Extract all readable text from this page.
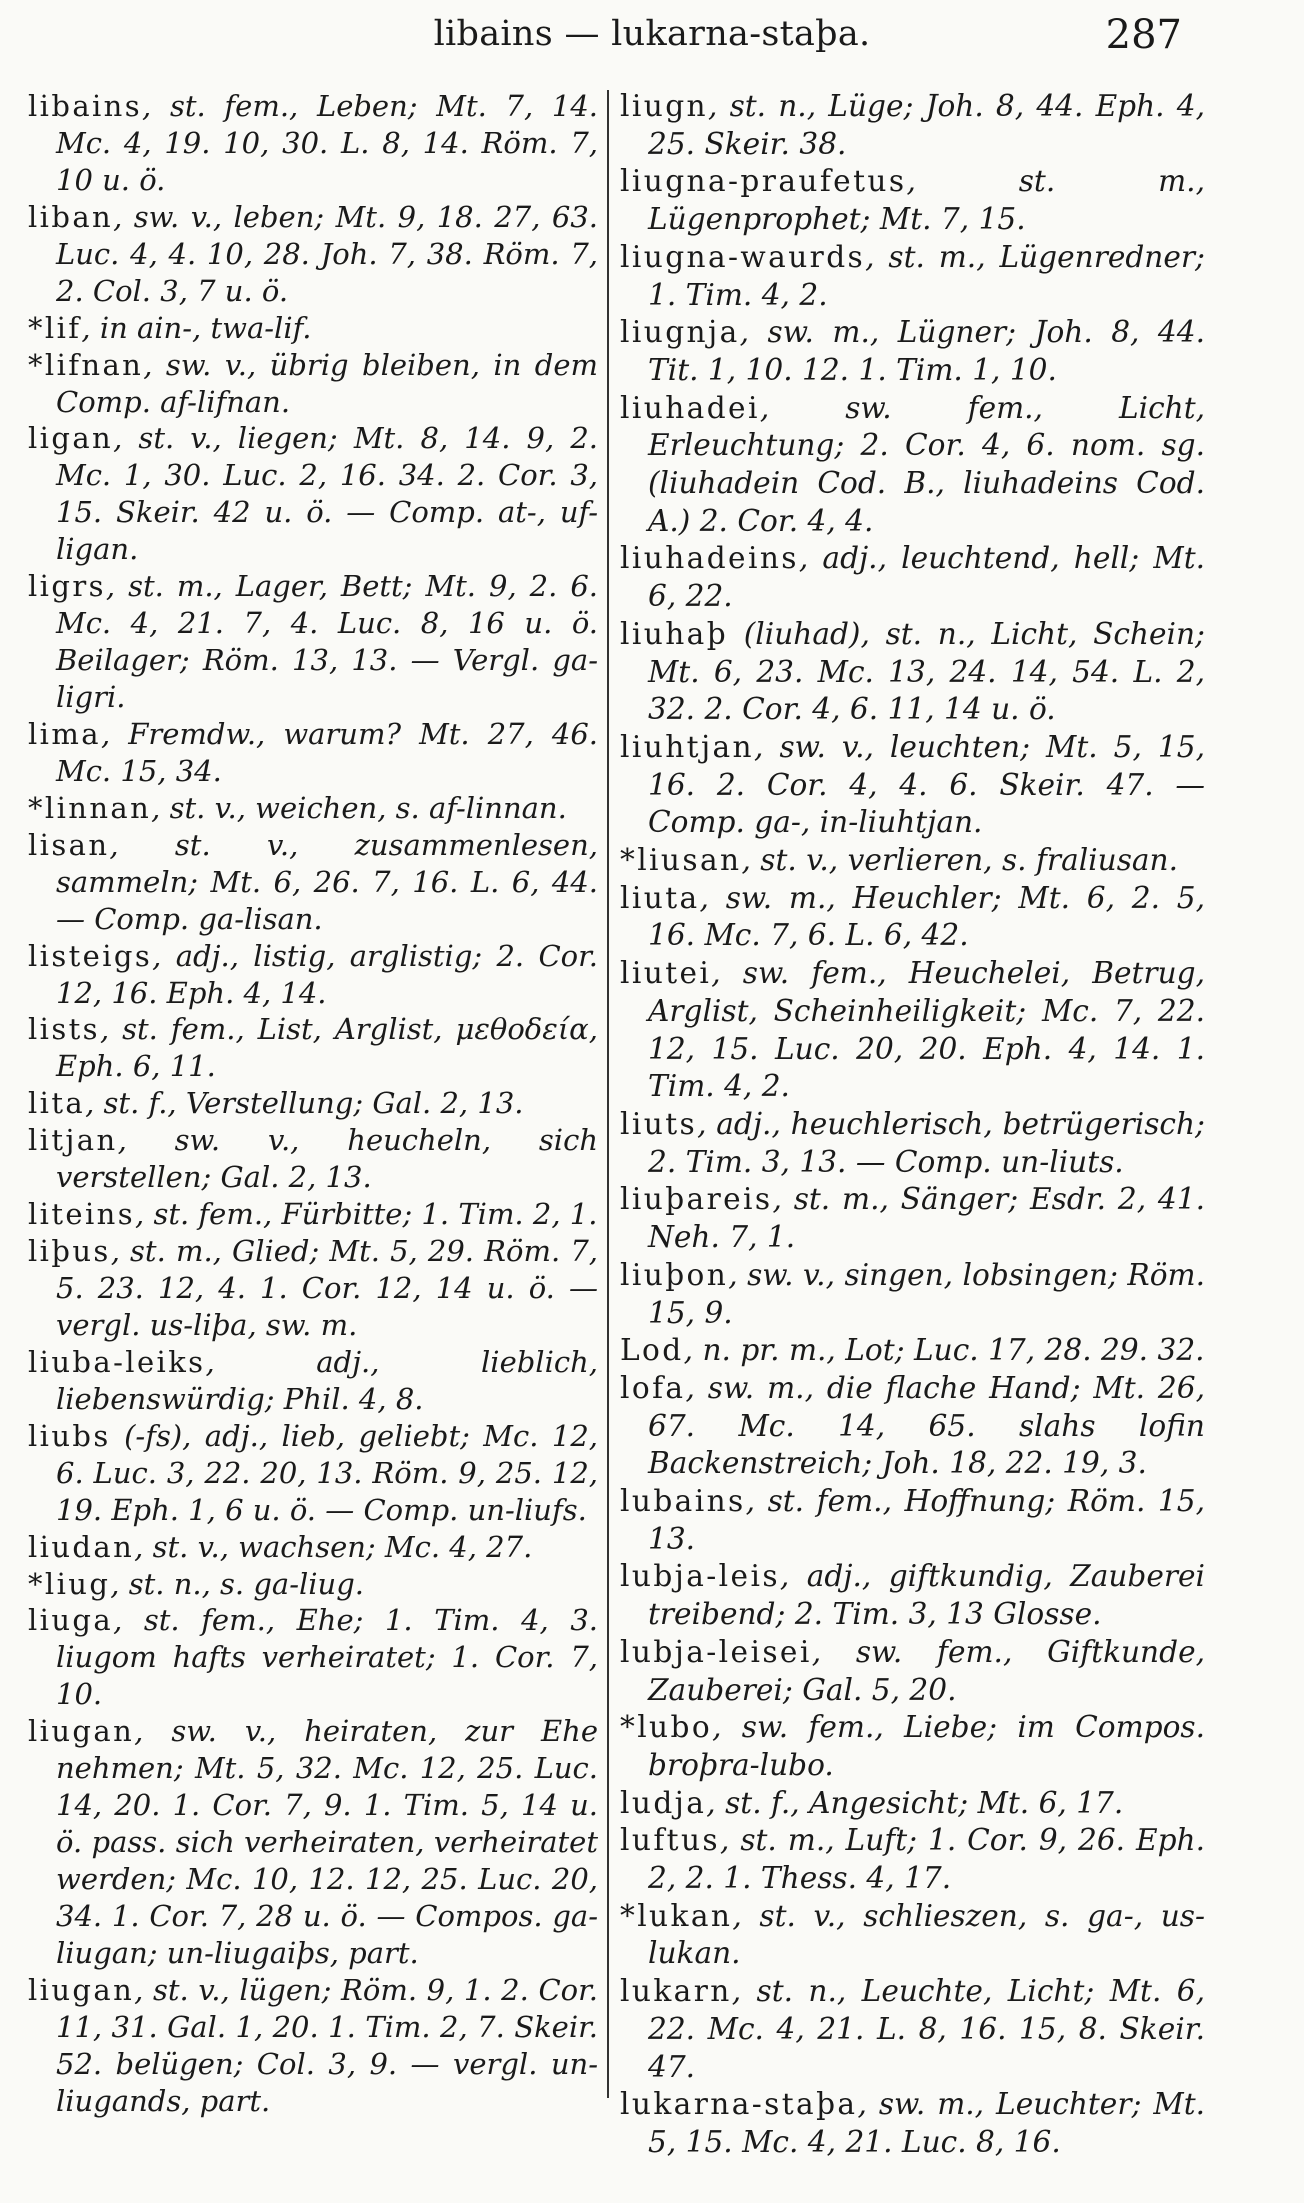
libains — lukarna-staþa.	287

libains, st. fem., Leben; Mt. 7, 14. Mc. 4, 19. 10, 30. L. 8, 14. Röm. 7, 10 u. ö.

liban, sw. v., leben; Mt. 9, 18. 27, 63. Luc. 4, 4. 10, 28. Joh. 7, 38. Röm. 7, 2. Col. 3, 7 u. ö.

*lif, in ain-, twa-lif.

*lifnan, sw. v., übrig bleiben, in dem Comp. af-lifnan.

ligan, st. v., liegen; Mt. 8, 14. 9, 2. Mc. 1, 30. Luc. 2, 16. 34. 2. Cor. 3, 15. Skeir. 42 u. ö. — Comp. at-, uf-ligan.

ligrs, st. m., Lager, Bett; Mt. 9, 2. 6. Mc. 4, 21. 7, 4. Luc. 8, 16 u. ö. Beilager; Röm. 13, 13. — Vergl. ga-ligri.

lima, Fremdw., warum? Mt. 27, 46. Mc. 15, 34.

*linnan, st. v., weichen, s. af-linnan.

lisan, st. v., zusammenlesen, sammeln; Mt. 6, 26. 7, 16. L. 6, 44. — Comp. ga-lisan.

listeigs, adj., listig, arglistig; 2. Cor. 12, 16. Eph. 4, 14.

lists, st. fem., List, Arglist, μεθοδεία, Eph. 6, 11.

lita, st. f., Verstellung; Gal. 2, 13.

litjan, sw. v., heucheln, sich verstellen; Gal. 2, 13.

liteins, st. fem., Fürbitte; 1. Tim. 2, 1.

liþus, st. m., Glied; Mt. 5, 29. Röm. 7, 5. 23. 12, 4. 1. Cor. 12, 14 u. ö. — vergl. us-liþa, sw. m.

liuba-leiks, adj., lieblich, liebenswürdig; Phil. 4, 8.

liubs (-fs), adj., lieb, geliebt; Mc. 12, 6. Luc. 3, 22. 20, 13. Röm. 9, 25. 12, 19. Eph. 1, 6 u. ö. — Comp. un-liufs.

liudan, st. v., wachsen; Mc. 4, 27.

*liug, st. n., s. ga-liug.

liuga, st. fem., Ehe; 1. Tim. 4, 3. liugom hafts verheiratet; 1. Cor. 7, 10.

liugan, sw. v., heiraten, zur Ehe nehmen; Mt. 5, 32. Mc. 12, 25. Luc. 14, 20. 1. Cor. 7, 9. 1. Tim. 5, 14 u. ö. pass. sich verheiraten, verheiratet werden; Mc. 10, 12. 12, 25. Luc. 20, 34. 1. Cor. 7, 28 u. ö. — Compos. ga-liugan; un-liugaiþs, part.

liugan, st. v., lügen; Röm. 9, 1. 2. Cor. 11, 31. Gal. 1, 20. 1. Tim. 2, 7. Skeir. 52. belügen; Col. 3, 9. — vergl. un-liugands, part.

liugn, st. n., Lüge; Joh. 8, 44. Eph. 4, 25. Skeir. 38.

liugna-praufetus, st. m., Lügenprophet; Mt. 7, 15.

liugna-waurds, st. m., Lügenredner; 1. Tim. 4, 2.

liugnja, sw. m., Lügner; Joh. 8, 44. Tit. 1, 10. 12. 1. Tim. 1, 10.

liuhadei, sw. fem., Licht, Erleuchtung; 2. Cor. 4, 6. nom. sg. (liuhadein Cod. B., liuhadeins Cod. A.) 2. Cor. 4, 4.

liuhadeins, adj., leuchtend, hell; Mt. 6, 22.

liuhaþ (liuhad), st. n., Licht, Schein; Mt. 6, 23. Mc. 13, 24. 14, 54. L. 2, 32. 2. Cor. 4, 6. 11, 14 u. ö.

liuhtjan, sw. v., leuchten; Mt. 5, 15, 16. 2. Cor. 4, 4. 6. Skeir. 47. — Comp. ga-, in-liuhtjan.

*liusan, st. v., verlieren, s. fraliusan.

liuta, sw. m., Heuchler; Mt. 6, 2. 5, 16. Mc. 7, 6. L. 6, 42.

liutei, sw. fem., Heuchelei, Betrug, Arglist, Scheinheiligkeit; Mc. 7, 22. 12, 15. Luc. 20, 20. Eph. 4, 14. 1. Tim. 4, 2.

liuts, adj., heuchlerisch, betrügerisch; 2. Tim. 3, 13. — Comp. un-liuts.

liuþareis, st. m., Sänger; Esdr. 2, 41. Neh. 7, 1.

liuþon, sw. v., singen, lobsingen; Röm. 15, 9.

Lod, n. pr. m., Lot; Luc. 17, 28. 29. 32.

lofa, sw. m., die flache Hand; Mt. 26, 67. Mc. 14, 65. slahs lofin Backenstreich; Joh. 18, 22. 19, 3.

lubains, st. fem., Hoffnung; Röm. 15, 13.

lubja-leis, adj., giftkundig, Zauberei treibend; 2. Tim. 3, 13 Glosse.

lubja-leisei, sw. fem., Giftkunde, Zauberei; Gal. 5, 20.

*lubo, sw. fem., Liebe; im Compos. broþra-lubo.

ludja, st. f., Angesicht; Mt. 6, 17.

luftus, st. m., Luft; 1. Cor. 9, 26. Eph. 2, 2. 1. Thess. 4, 17.

*lukan, st. v., schlieszen, s. ga-, us-lukan.

lukarn, st. n., Leuchte, Licht; Mt. 6, 22. Mc. 4, 21. L. 8, 16. 15, 8. Skeir. 47.

lukarna-staþa, sw. m., Leuchter; Mt. 5, 15. Mc. 4, 21. Luc. 8, 16.
